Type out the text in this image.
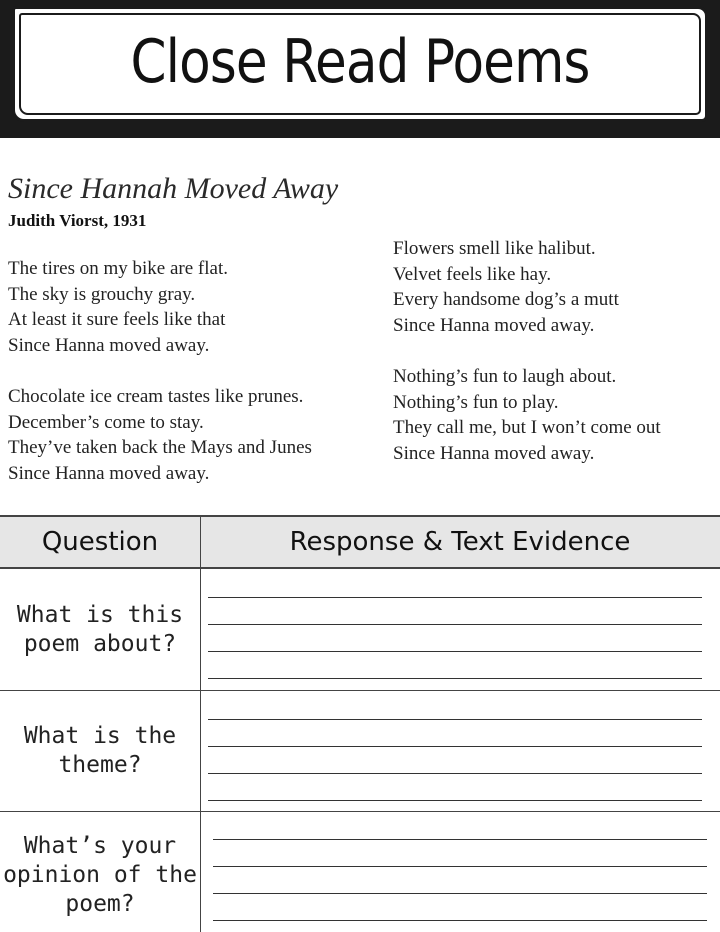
Close Read Poems
Since Hannah Moved Away
Judith Viorst, 1931
The tires on my bike are flat.
The sky is grouchy gray.
At least it sure feels like that
Since Hanna moved away.
Chocolate ice cream tastes like prunes.
December’s come to stay.
They’ve taken back the Mays and Junes
Since Hanna moved away.
Flowers smell like halibut.
Velvet feels like hay.
Every handsome dog’s a mutt
Since Hanna moved away.
Nothing’s fun to laugh about.
Nothing’s fun to play.
They call me, but I won’t come out
Since Hanna moved away.
Question	Response & Text Evidence
What is this
poem about?
What is the
theme?
What’s your
opinion of the
poem?
